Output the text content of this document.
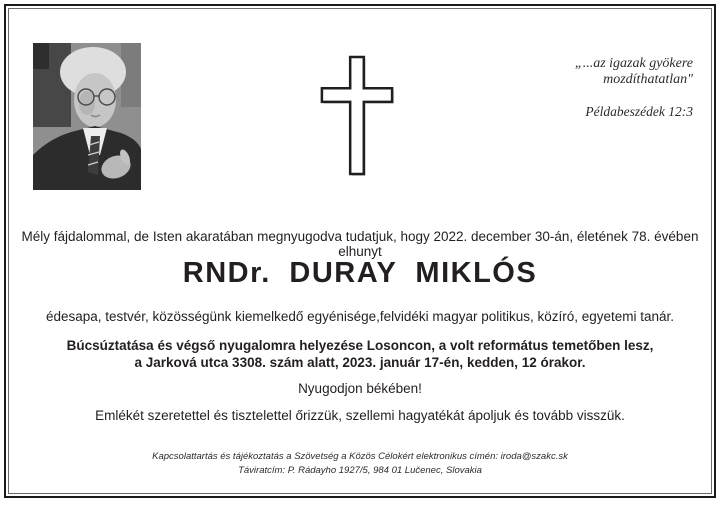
„...az igazak gyökere
mozdíthatatlan"
Példabeszédek 12:3
Mély fájdalommal, de Isten akaratában megnyugodva tudatjuk, hogy 2022. december 30-án, életének 78. évében elhunyt
RNDr. DURAY MIKLÓS
édesapa, testvér, közösségünk kiemelkedő egyénisége,felvidéki magyar politikus, közíró, egyetemi tanár.
Búcsúztatása és végső nyugalomra helyezése Losoncon, a volt református temetőben lesz,
a Jarková utca 3308. szám alatt, 2023. január 17-én, kedden, 12 órakor.
Nyugodjon békében!
Emlékét szeretettel és tisztelettel őrizzük, szellemi hagyatékát ápoljuk és tovább visszük.
Kapcsolattartás és tájékoztatás a Szövetség a Közös Célokért elektronikus címén: iroda@szakc.sk
Táviratcím: P. Rádayho 1927/5, 984 01 Lučenec, Slovakia
